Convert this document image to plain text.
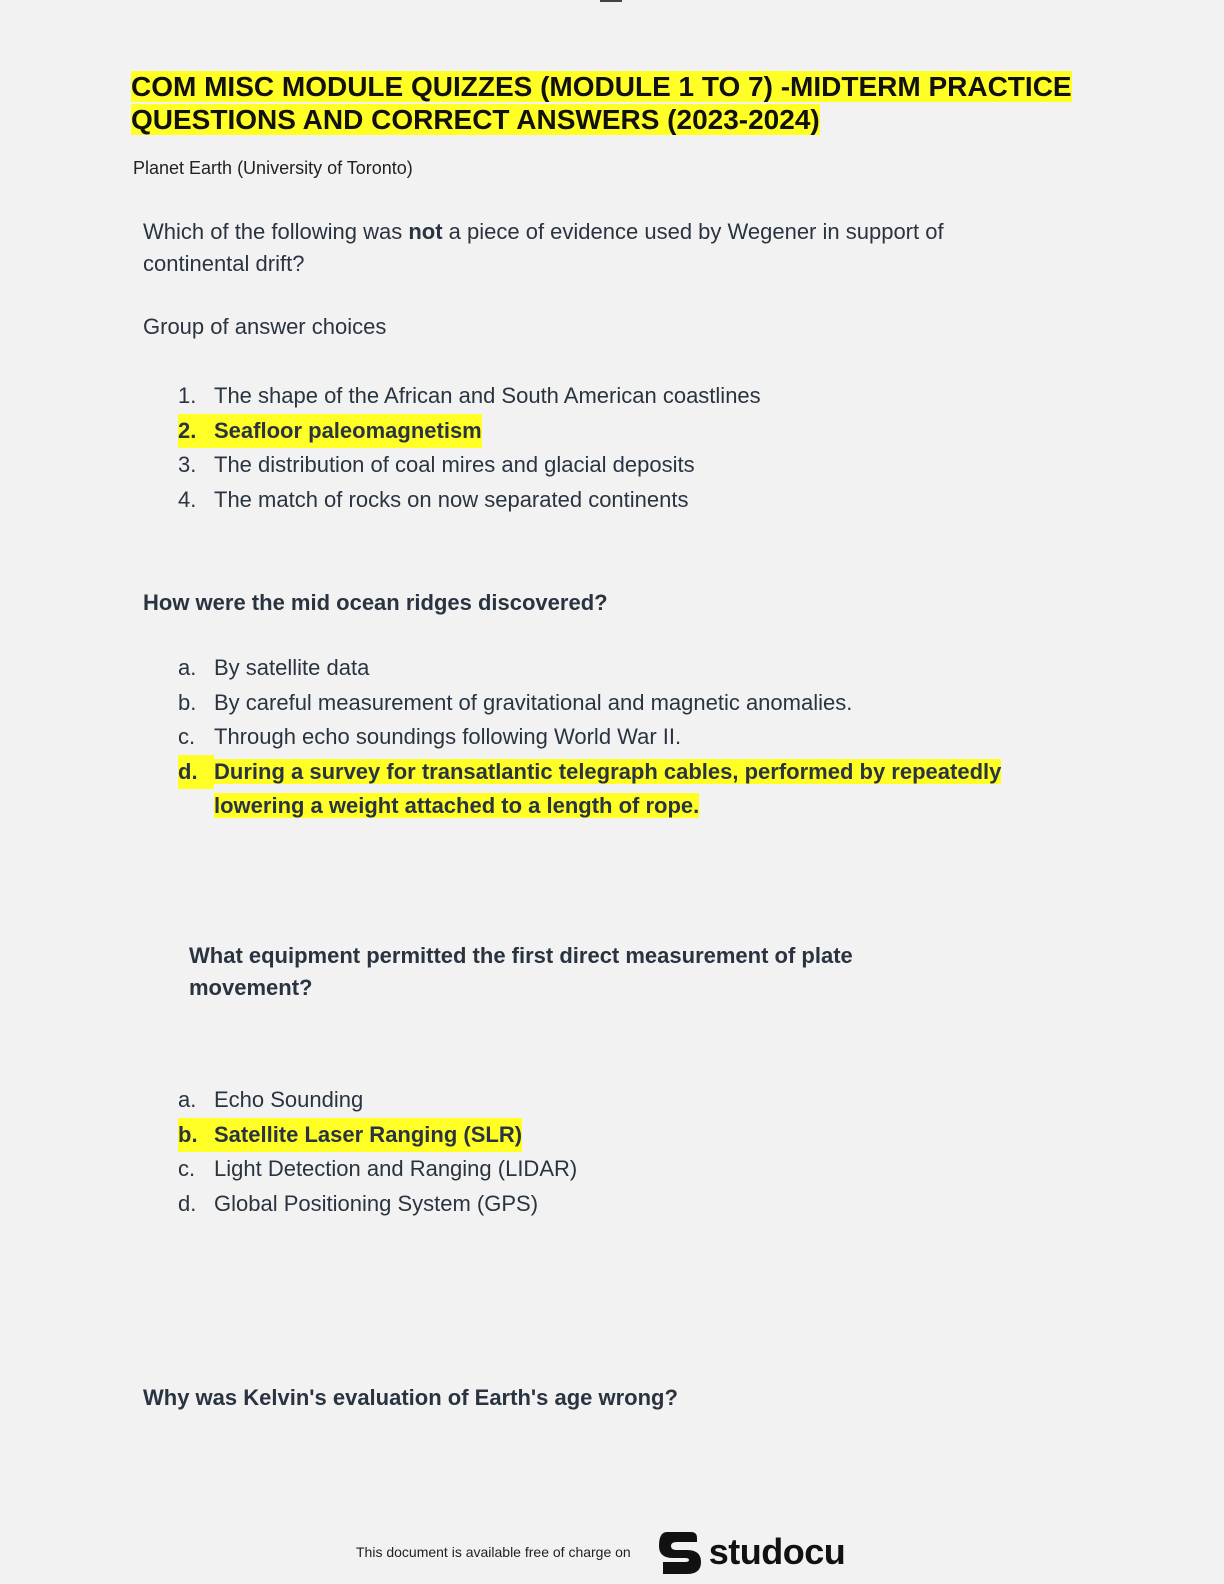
COM MISC MODULE QUIZZES (MODULE 1 TO 7) -MIDTERM PRACTICE
QUESTIONS AND CORRECT ANSWERS (2023-2024)

Planet Earth (University of Toronto)

Which of the following was not a piece of evidence used by Wegener in support of continental drift?

Group of answer choices

1. The shape of the African and South American coastlines
2. Seafloor paleomagnetism
3. The distribution of coal mires and glacial deposits
4. The match of rocks on now separated continents

How were the mid ocean ridges discovered?

a. By satellite data
b. By careful measurement of gravitational and magnetic anomalies.
c. Through echo soundings following World War II.
d. During a survey for transatlantic telegraph cables, performed by repeatedly
lowering a weight attached to a length of rope.

What equipment permitted the first direct measurement of plate movement?

a. Echo Sounding
b. Satellite Laser Ranging (SLR)
c. Light Detection and Ranging (LIDAR)
d. Global Positioning System (GPS)

Why was Kelvin's evaluation of Earth's age wrong?

This document is available free of charge on studocu
